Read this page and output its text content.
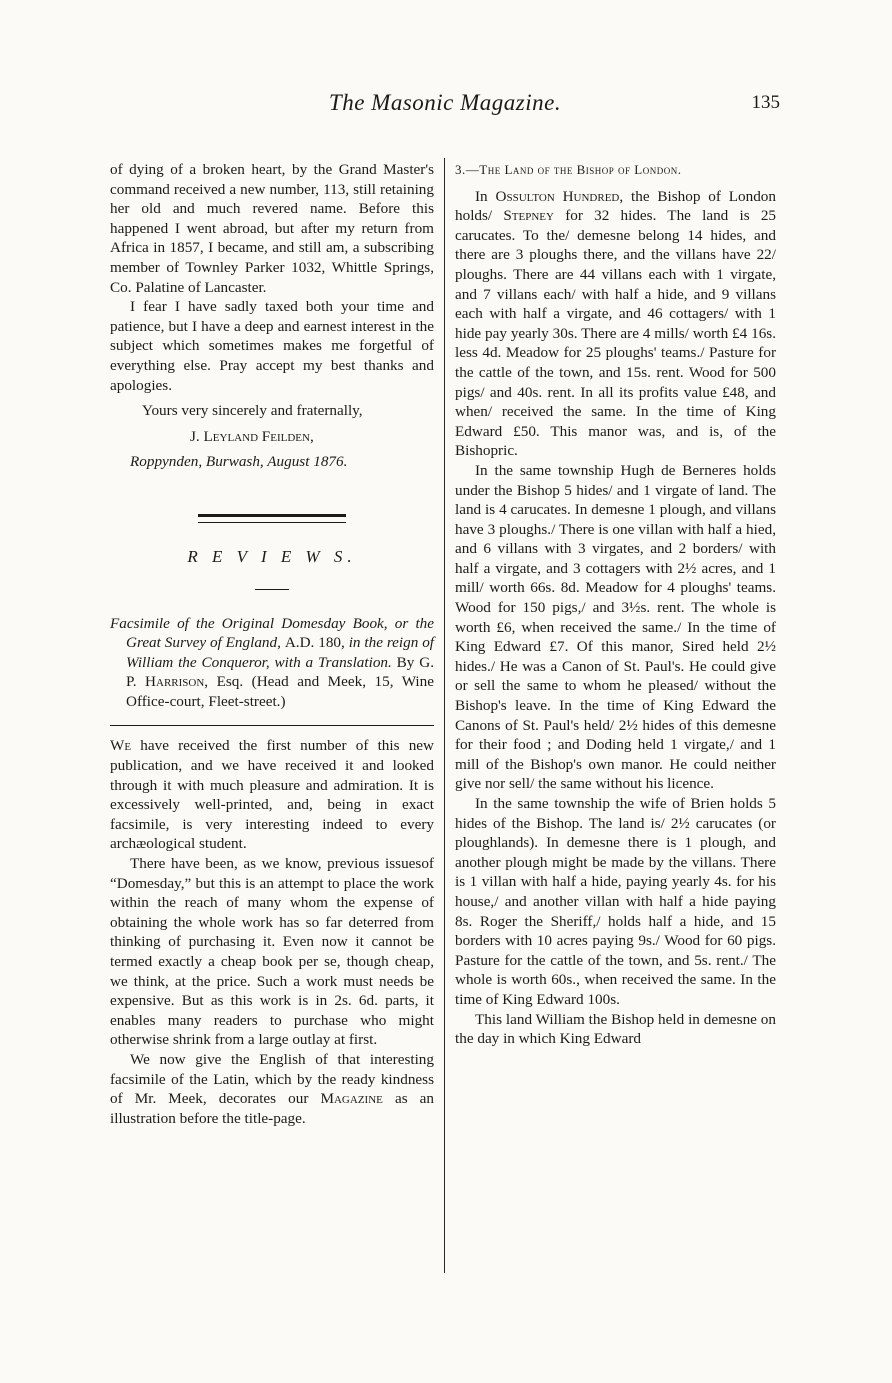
The Masonic Magazine.	135

of dying of a broken heart, by the Grand Master's command received a new number, 113, still retaining her old and much revered name. Before this happened I went abroad, but after my return from Africa in 1857, I became, and still am, a subscribing member of Townley Parker 1032, Whittle Springs, Co. Palatine of Lancaster.

I fear I have sadly taxed both your time and patience, but I have a deep and earnest interest in the subject which sometimes makes me forgetful of everything else. Pray accept my best thanks and apologies.

Yours very sincerely and fraternally,

J. Leyland Feilden,

Roppynden, Burwash, August 1876.

R E V I E W S.

Facsimile of the Original Domesday Book, or the Great Survey of England, A.D. 180, in the reign of William the Conqueror, with a Translation. By G. P. Harrison, Esq. (Head and Meek, 15, Wine Office-court, Fleet-street.)

We have received the first number of this new publication, and we have received it and looked through it with much pleasure and admiration. It is excessively well-printed, and, being in exact facsimile, is very interesting indeed to every archæological student.

There have been, as we know, previous issuesof “Domesday,” but this is an attempt to place the work within the reach of many whom the expense of obtaining the whole work has so far deterred from thinking of purchasing it. Even now it cannot be termed exactly a cheap book per se, though cheap, we think, at the price. Such a work must needs be expensive. But as this work is in 2s. 6d. parts, it enables many readers to purchase who might otherwise shrink from a large outlay at first.

We now give the English of that interesting facsimile of the Latin, which by the ready kindness of Mr. Meek, decorates our Magazine as an illustration before the title-page.

3.—The Land of the Bishop of London.

In Ossulton Hundred, the Bishop of London holds/ Stepney for 32 hides. The land is 25 carucates. To the/ demesne belong 14 hides, and there are 3 ploughs there, and the villans have 22/ ploughs. There are 44 villans each with 1 virgate, and 7 villans each/ with half a hide, and 9 villans each with half a virgate, and 46 cottagers/ with 1 hide pay yearly 30s. There are 4 mills/ worth £4 16s. less 4d. Meadow for 25 ploughs' teams./ Pasture for the cattle of the town, and 15s. rent. Wood for 500 pigs/ and 40s. rent. In all its profits value £48, and when/ received the same. In the time of King Edward £50. This manor was, and is, of the Bishopric.

In the same township Hugh de Berneres holds under the Bishop 5 hides/ and 1 virgate of land. The land is 4 carucates. In demesne 1 plough, and villans have 3 ploughs./ There is one villan with half a hied, and 6 villans with 3 virgates, and 2 borders/ with half a virgate, and 3 cottagers with 2½ acres, and 1 mill/ worth 66s. 8d. Meadow for 4 ploughs' teams. Wood for 150 pigs,/ and 3½s. rent. The whole is worth £6, when received the same./ In the time of King Edward £7. Of this manor, Sired held 2½ hides./ He was a Canon of St. Paul's. He could give or sell the same to whom he pleased/ without the Bishop's leave. In the time of King Edward the Canons of St. Paul's held/ 2½ hides of this demesne for their food ; and Doding held 1 virgate,/ and 1 mill of the Bishop's own manor. He could neither give nor sell/ the same without his licence.

In the same township the wife of Brien holds 5 hides of the Bishop. The land is/ 2½ carucates (or ploughlands). In demesne there is 1 plough, and another plough might be made by the villans. There is 1 villan with half a hide, paying yearly 4s. for his house,/ and another villan with half a hide paying 8s. Roger the Sheriff,/ holds half a hide, and 15 borders with 10 acres paying 9s./ Wood for 60 pigs. Pasture for the cattle of the town, and 5s. rent./ The whole is worth 60s., when received the same. In the time of King Edward 100s.

This land William the Bishop held in demesne on the day in which King Edward
